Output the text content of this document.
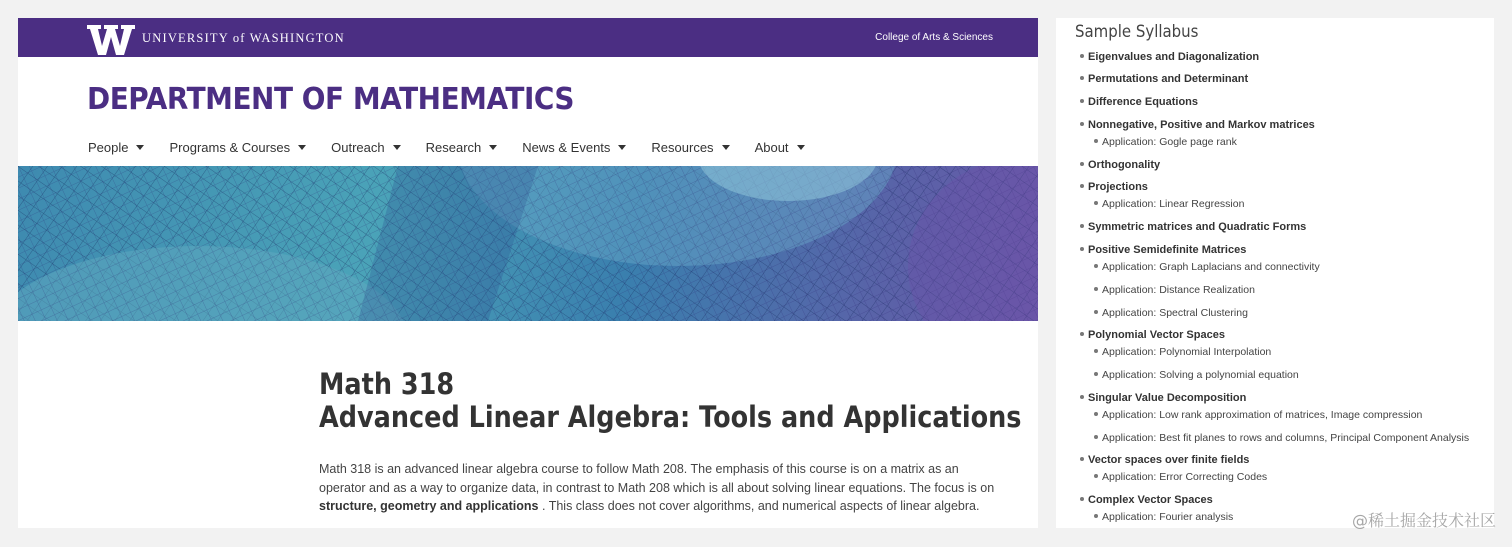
UNIVERSITY of WASHINGTON	College of Arts & Sciences
DEPARTMENT OF MATHEMATICS
People	Programs & Courses	Outreach	Research	News & Events	Resources	About
Math 318
Advanced Linear Algebra: Tools and Applications
Math 318 is an advanced linear algebra course to follow Math 208. The emphasis of this course is on a matrix as an operator and as a way to organize data, in contrast to Math 208 which is all about solving linear equations. The focus is on structure, geometry and applications . This class does not cover algorithms, and numerical aspects of linear algebra.
Sample Syllabus
Eigenvalues and Diagonalization
Permutations and Determinant
Difference Equations
Nonnegative, Positive and Markov matrices
Application: Gogle page rank
Orthogonality
Projections
Application: Linear Regression
Symmetric matrices and Quadratic Forms
Positive Semidefinite Matrices
Application: Graph Laplacians and connectivity
Application: Distance Realization
Application: Spectral Clustering
Polynomial Vector Spaces
Application: Polynomial Interpolation
Application: Solving a polynomial equation
Singular Value Decomposition
Application: Low rank approximation of matrices, Image compression
Application: Best fit planes to rows and columns, Principal Component Analysis
Vector spaces over finite fields
Application: Error Correcting Codes
Complex Vector Spaces
Application: Fourier analysis	@稀土掘金技术社区
